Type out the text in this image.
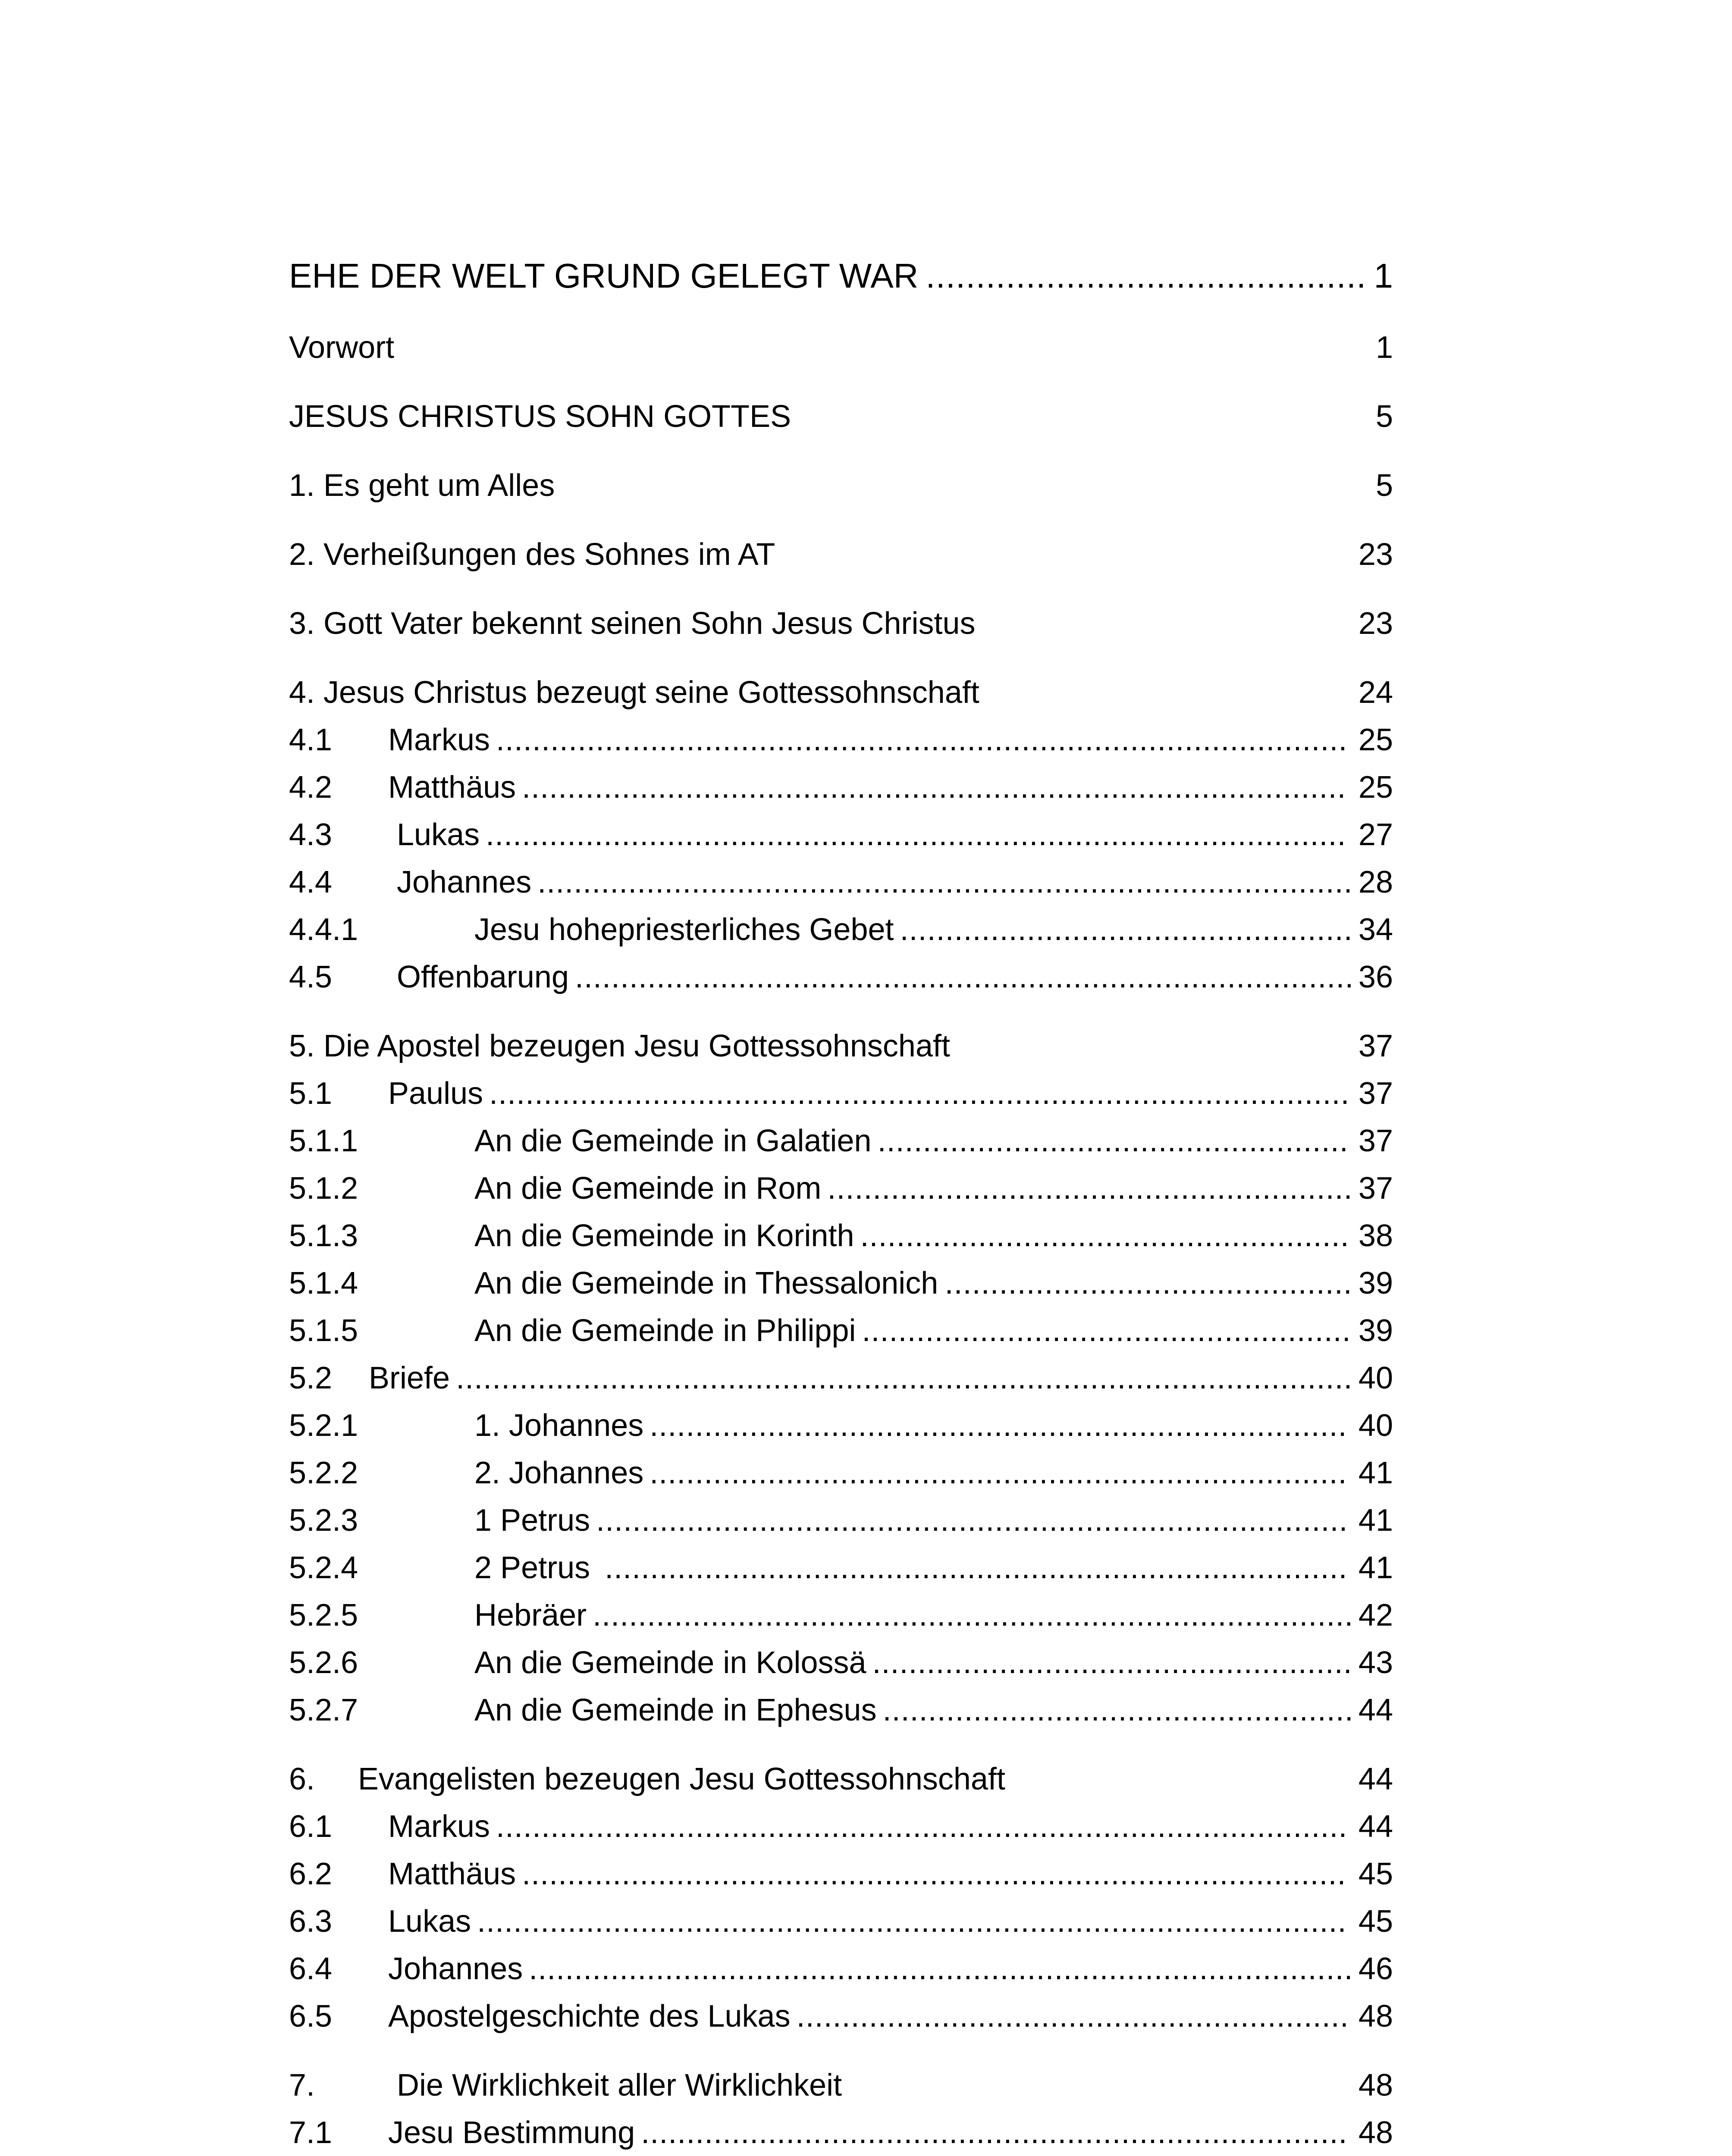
EHE DER WELT GRUND GELEGT WAR	1
............................................
Vorwort	1
JESUS CHRISTUS SOHN GOTTES	5
1. Es geht um Alles	5
2. Verheißungen des Sohnes im AT	23
3. Gott Vater bekennt seinen Sohn Jesus Christus	23
4. Jesus Christus bezeugt seine Gottessohnschaft	24
4.1 Markus	25
..............................................................................................
4.2 Matthäus	25
...........................................................................................
4.3 Lukas	27
...............................................................................................
4.4 Johannes	28
..........................................................................................
4.4.1	Jesu hohepriesterliches Gebet	34
..................................................
4.5 Offenbarung	36
......................................................................................
5. Die Apostel bezeugen Jesu Gottessohnschaft	37
5.1 Paulus	37
...............................................................................................
5.1.1	An die Gemeinde in Galatien	37
....................................................
5.1.2	An die Gemeinde in Rom	37
..........................................................
5.1.3	An die Gemeinde in Korinth	38
......................................................
5.1.4	An die Gemeinde in Thessalonich	39
.............................................
5.1.5	An die Gemeinde in Philippi	39
......................................................
5.2 Briefe	40
...................................................................................................
5.2.1	1. Johannes	40
.............................................................................
5.2.2	2. Johannes	41
.............................................................................
5.2.3	1 Petrus	41
...................................................................................
5.2.4	2 Petrus	41
..................................................................................
5.2.5	Hebräer	42
....................................................................................
5.2.6	An die Gemeinde in Kolossä	43
.....................................................
5.2.7	An die Gemeinde in Ephesus	44
....................................................
6. Evangelisten bezeugen Jesu Gottessohnschaft	44
6.1 Markus	44
..............................................................................................
6.2 Matthäus	45
...........................................................................................
6.3 Lukas	45
................................................................................................
6.4 Johannes	46
...........................................................................................
6.5 Apostelgeschichte des Lukas	48
.............................................................
7.	Die Wirklichkeit aller Wirklichkeit	48
7.1 Jesu Bestimmung	48
..............................................................................
